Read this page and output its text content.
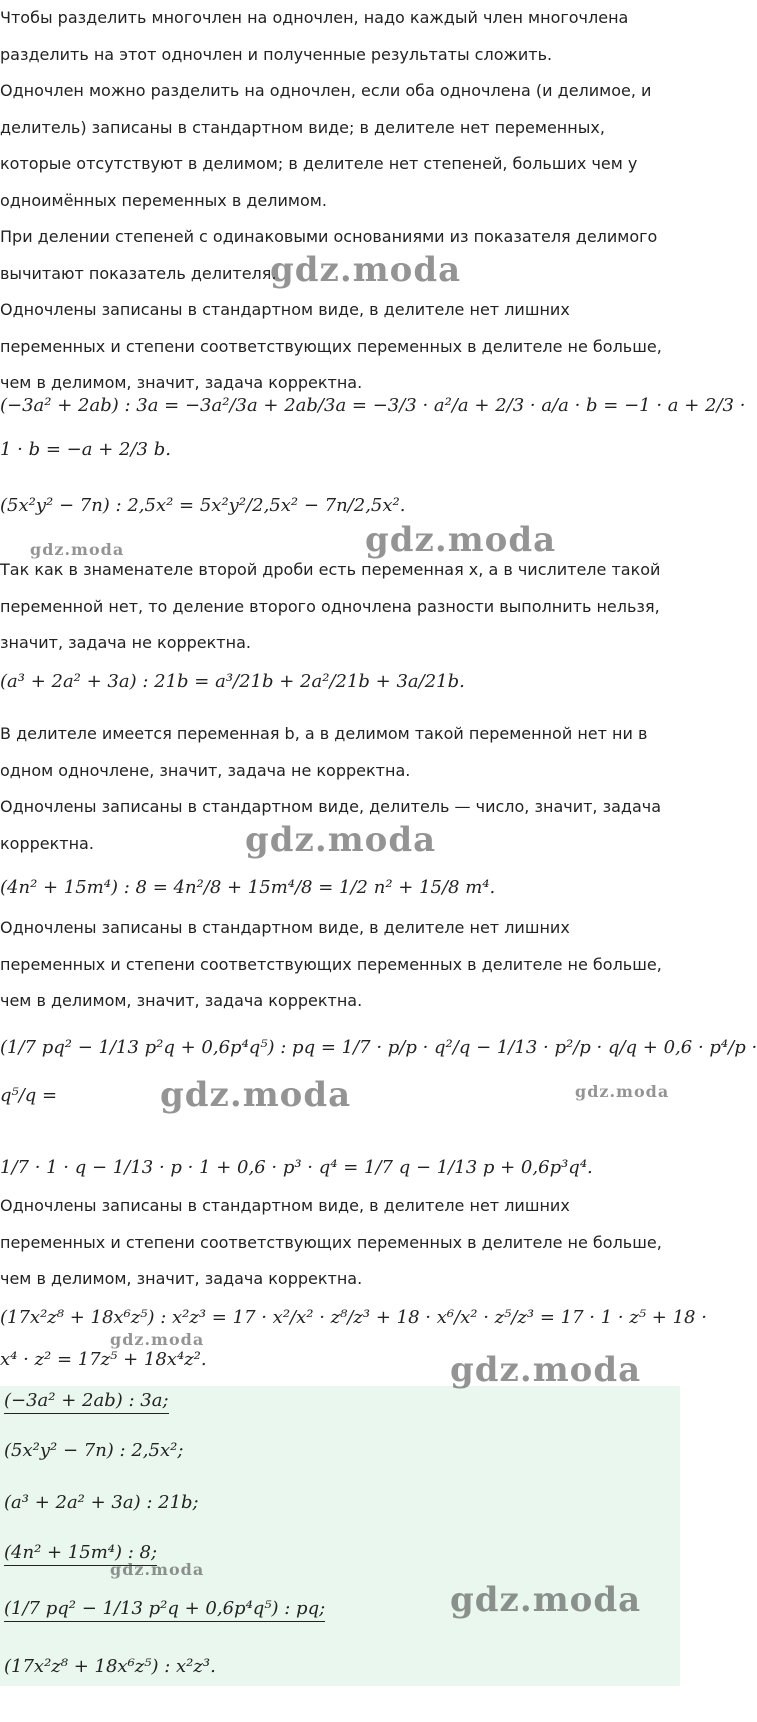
Чтобы разделить многочлен на одночлен, надо каждый член многочлена разделить на этот одночлен и полученные результаты сложить.

Одночлен можно разделить на одночлен, если оба одночлена (и делимое, и делитель) записаны в стандартном виде; в делителе нет переменных, которые отсутствуют в делимом; в делителе нет степеней, больших чем у одноимённых переменных в делимом.

При делении степеней с одинаковыми основаниями из показателя делимого вычитают показатель делителя.

Одночлены записаны в стандартном виде, в делителе нет лишних переменных и степени соответствующих переменных в делителе не больше, чем в делимом, значит, задача корректна.

(−3a² + 2ab) : 3a = −3a²/3a + 2ab/3a = −3/3 · a²/a + 2/3 · a/a · b = −1 · a + 2/3 ·
1 · b = −a + 2/3 b.
(5x²y² − 7n) : 2,5x² = 5x²y²/2,5x² − 7n/2,5x².

Так как в знаменателе второй дроби есть переменная x, а в числителе такой переменной нет, то деление второго одночлена разности выполнить нельзя, значит, задача не корректна.

(a³ + 2a² + 3a) : 21b = a³/21b + 2a²/21b + 3a/21b.

В делителе имеется переменная b, а в делимом такой переменной нет ни в одном одночлене, значит, задача не корректна.

Одночлены записаны в стандартном виде, делитель — число, значит, задача корректна.

(4n² + 15m⁴) : 8 = 4n²/8 + 15m⁴/8 = 1/2 n² + 15/8 m⁴.

Одночлены записаны в стандартном виде, в делителе нет лишних переменных и степени соответствующих переменных в делителе не больше, чем в делимом, значит, задача корректна.

(1/7 pq² − 1/13 p²q + 0,6p⁴q⁵) : pq = 1/7 · p/p · q²/q − 1/13 · p²/p · q/q + 0,6 · p⁴/p ·
q⁵/q =
1/7 · 1 · q − 1/13 · p · 1 + 0,6 · p³ · q⁴ = 1/7 q − 1/13 p + 0,6p³q⁴.

Одночлены записаны в стандартном виде, в делителе нет лишних переменных и степени соответствующих переменных в делителе не больше, чем в делимом, значит, задача корректна.

(17x²z⁸ + 18x⁶z⁵) : x²z³ = 17 · x²/x² · z⁸/z³ + 18 · x⁶/x² · z⁵/z³ = 17 · 1 · z⁵ + 18 ·
x⁴ · z² = 17z⁵ + 18x⁴z².
(−3a² + 2ab) : 3a;
(5x²y² − 7n) : 2,5x²;
(a³ + 2a² + 3a) : 21b;
(4n² + 15m⁴) : 8;
(1/7 pq² − 1/13 p²q + 0,6p⁴q⁵) : pq;
(17x²z⁸ + 18x⁶z⁵) : x²z³.
gdz.moda
gdz.moda	gdz.moda
gdz.moda
gdz.moda	gdz.moda
gdz.moda
gdz.moda
gdz.moda
gdz.moda
